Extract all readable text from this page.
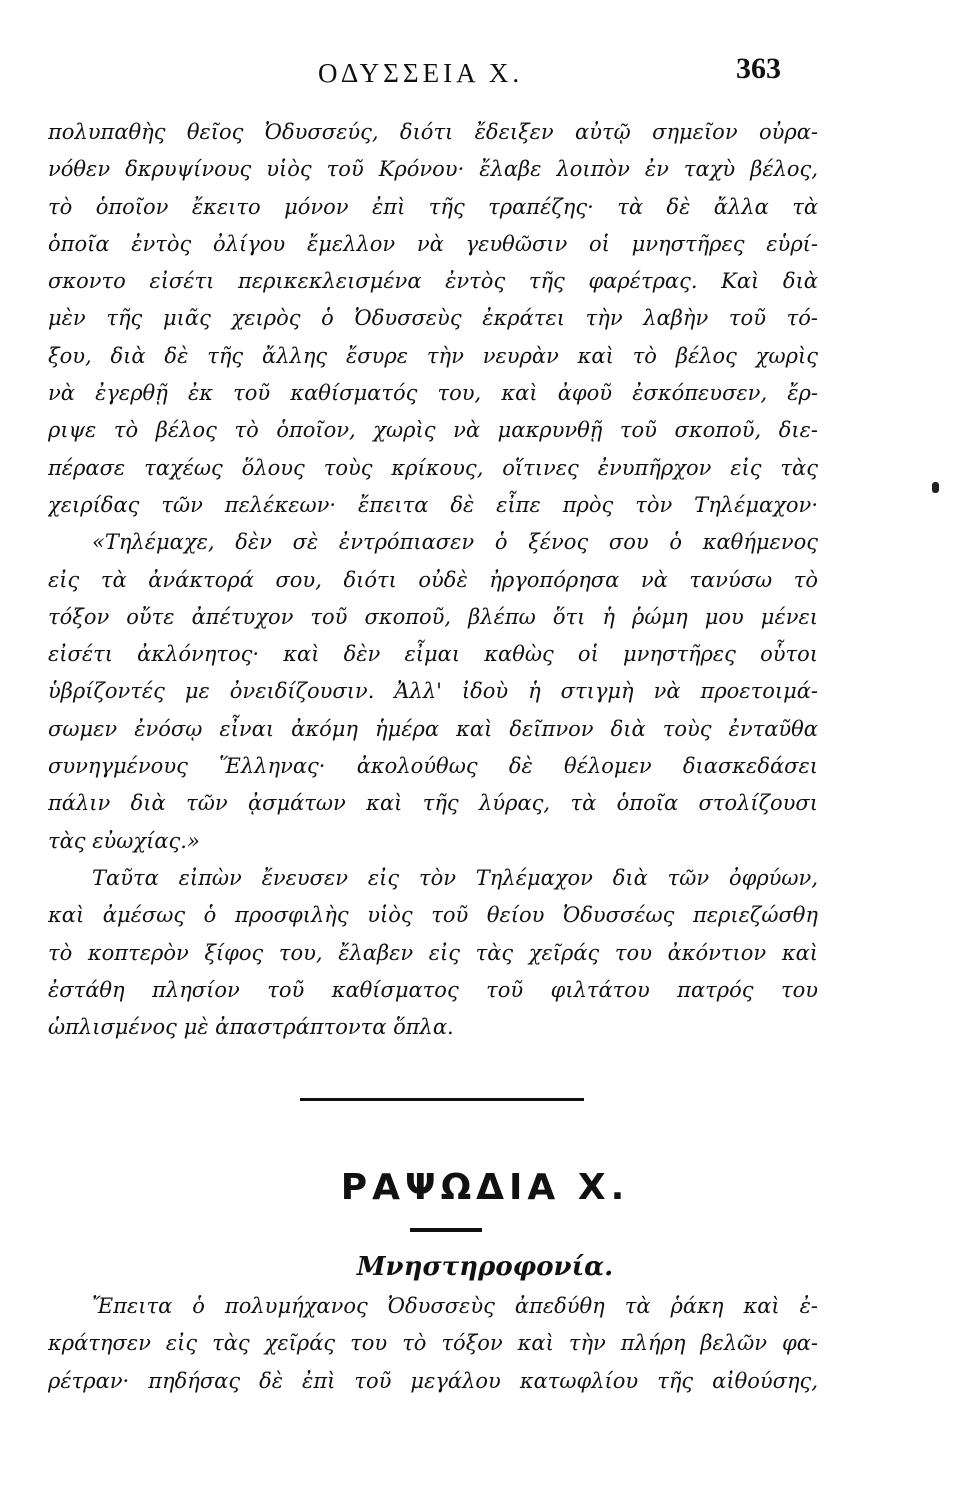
ΟΔΥΣΣΕΙΑ Χ.	363
πολυπαθὴς θεῖος Ὀδυσσεύς, διότι ἔδειξεν αὐτῷ σημεῖον οὐρα-
νόθεν δκρυψίνους υἱὸς τοῦ Κρόνου· ἔλαβε λοιπὸν ἐν ταχὺ βέλος,
τὸ ὁποῖον ἔκειτο μόνον ἐπὶ τῆς τραπέζης· τὰ δὲ ἄλλα τὰ
ὁποῖα ἐντὸς ὀλίγου ἔμελλον νὰ γευθῶσιν οἱ μνηστῆρες εὑρί-
σκοντο εἰσέτι περικεκλεισμένα ἐντὸς τῆς φαρέτρας. Καὶ διὰ
μὲν τῆς μιᾶς χειρὸς ὁ Ὀδυσσεὺς ἐκράτει τὴν λαβὴν τοῦ τό-
ξου, διὰ δὲ τῆς ἄλλης ἔσυρε τὴν νευρὰν καὶ τὸ βέλος χωρὶς
νὰ ἐγερθῇ ἐκ τοῦ καθίσματός του, καὶ ἀφοῦ ἐσκόπευσεν, ἔρ-
ριψε τὸ βέλος τὸ ὁποῖον, χωρὶς νὰ μακρυνθῇ τοῦ σκοποῦ, διε-
πέρασε ταχέως ὅλους τοὺς κρίκους, οἵτινες ἐνυπῆρχον εἰς τὰς
χειρίδας τῶν πελέκεων· ἔπειτα δὲ εἶπε πρὸς τὸν Τηλέμαχον·
«Τηλέμαχε, δὲν σὲ ἐντρόπιασεν ὁ ξένος σου ὁ καθήμενος
εἰς τὰ ἀνάκτορά σου, διότι οὐδὲ ἠργοπόρησα νὰ τανύσω τὸ
τόξον οὔτε ἀπέτυχον τοῦ σκοποῦ, βλέπω ὅτι ἡ ῥώμη μου μένει
εἰσέτι ἀκλόνητος· καὶ δὲν εἶμαι καθὼς οἱ μνηστῆρες οὗτοι
ὑβρίζοντές με ὀνειδίζουσιν. Ἀλλ' ἰδοὺ ἡ στιγμὴ νὰ προετοιμά-
σωμεν ἐνόσῳ εἶναι ἀκόμη ἡμέρα καὶ δεῖπνον διὰ τοὺς ἐνταῦθα
συνηγμένους Ἕλληνας· ἀκολούθως δὲ θέλομεν διασκεδάσει
πάλιν διὰ τῶν ᾀσμάτων καὶ τῆς λύρας, τὰ ὁποῖα στολίζουσι
τὰς εὐωχίας.»
Ταῦτα εἰπὼν ἔνευσεν εἰς τὸν Τηλέμαχον διὰ τῶν ὀφρύων,
καὶ ἀμέσως ὁ προσφιλὴς υἱὸς τοῦ θείου Ὀδυσσέως περιεζώσθη
τὸ κοπτερὸν ξίφος του, ἔλαβεν εἰς τὰς χεῖράς του ἀκόντιον καὶ
ἐστάθη πλησίον τοῦ καθίσματος τοῦ φιλτάτου πατρός του
ὡπλισμένος μὲ ἀπαστράπτοντα ὅπλα.
ΡΑΨΩΔΙΑ Χ.
Μνηστηροφονία.
Ἔπειτα ὁ πολυμήχανος Ὀδυσσεὺς ἀπεδύθη τὰ ῥάκη καὶ ἐ-
κράτησεν εἰς τὰς χεῖράς του τὸ τόξον καὶ τὴν πλήρη βελῶν φα-
ρέτραν· πηδήσας δὲ ἐπὶ τοῦ μεγάλου κατωφλίου τῆς αἰθούσης,
